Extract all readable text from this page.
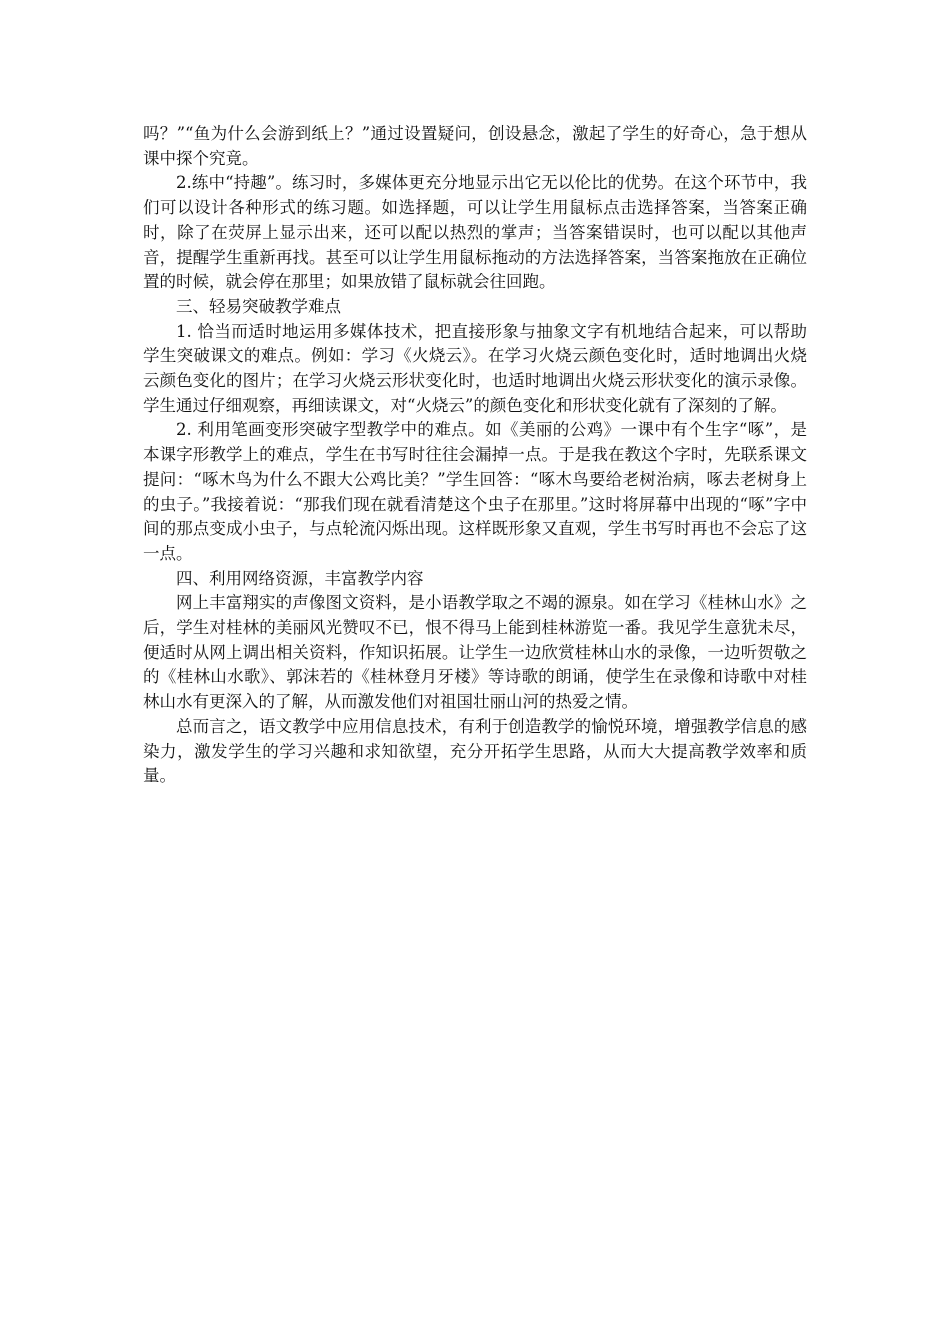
吗？”“鱼为什么会游到纸上？”通过设置疑问，创设悬念，激起了学生的好奇心，急于想从课中探个究竟。

2.练中“持趣”。练习时，多媒体更充分地显示出它无以伦比的优势。在这个环节中，我们可以设计各种形式的练习题。如选择题，可以让学生用鼠标点击选择答案，当答案正确时，除了在荧屏上显示出来，还可以配以热烈的掌声；当答案错误时，也可以配以其他声音，提醒学生重新再找。甚至可以让学生用鼠标拖动的方法选择答案，当答案拖放在正确位置的时候，就会停在那里；如果放错了鼠标就会往回跑。

三、轻易突破教学难点

1. 恰当而适时地运用多媒体技术，把直接形象与抽象文字有机地结合起来，可以帮助学生突破课文的难点。例如：学习《火烧云》。在学习火烧云颜色变化时，适时地调出火烧云颜色变化的图片；在学习火烧云形状变化时，也适时地调出火烧云形状变化的演示录像。学生通过仔细观察，再细读课文，对“火烧云”的颜色变化和形状变化就有了深刻的了解。

2. 利用笔画变形突破字型教学中的难点。如《美丽的公鸡》一课中有个生字“啄”，是本课字形教学上的难点，学生在书写时往往会漏掉一点。于是我在教这个字时，先联系课文提问：“啄木鸟为什么不跟大公鸡比美？”学生回答：“啄木鸟要给老树治病，啄去老树身上的虫子。”我接着说：“那我们现在就看清楚这个虫子在那里。”这时将屏幕中出现的“啄”字中间的那点变成小虫子，与点轮流闪烁出现。这样既形象又直观，学生书写时再也不会忘了这一点。

四、利用网络资源，丰富教学内容

网上丰富翔实的声像图文资料，是小语教学取之不竭的源泉。如在学习《桂林山水》之后，学生对桂林的美丽风光赞叹不已，恨不得马上能到桂林游览一番。我见学生意犹未尽，便适时从网上调出相关资料，作知识拓展。让学生一边欣赏桂林山水的录像，一边听贺敬之的《桂林山水歌》、郭沫若的《桂林登月牙楼》等诗歌的朗诵，使学生在录像和诗歌中对桂林山水有更深入的了解，从而激发他们对祖国壮丽山河的热爱之情。

总而言之，语文教学中应用信息技术，有利于创造教学的愉悦环境，增强教学信息的感染力，激发学生的学习兴趣和求知欲望，充分开拓学生思路，从而大大提高教学效率和质量。
